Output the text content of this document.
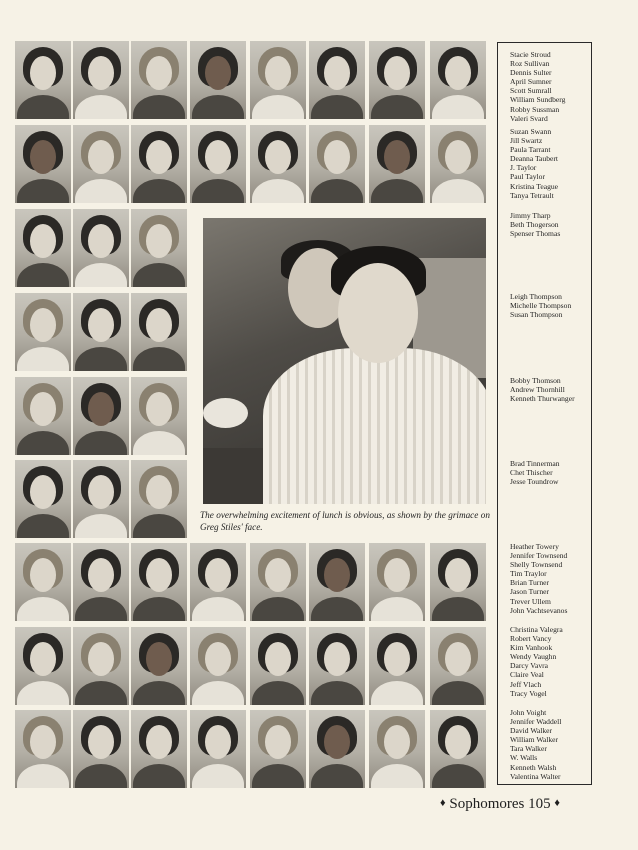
The overwhelming excitement of lunch is obvious, as shown by the grimace on Greg Stiles' face.
Stacie Stroud
Roz Sullivan
Dennis Sulter
April Sumner
Scott Sumrall
William Sundberg
Robby Sussman
Valeri Svard
Suzan Swann
Jill Swartz
Paula Tarrant
Deanna Taubert
J. Taylor
Paul Taylor
Kristina Teague
Tanya Tetrault
Jimmy Tharp
Beth Thogerson
Spenser Thomas
Leigh Thompson
Michelle Thompson
Susan Thompson
Bobby Thomson
Andrew Thornhill
Kenneth Thurwanger
Brad Tinnerman
Chet Thischer
Jesse Toundrow
Heather Towery
Jennifer Townsend
Shelly Townsend
Tim Traylor
Brian Turner
Jason Turner
Trever Ullem
John Vachtsevanos
Christina Valegra
Robert Vancy
Kim Vanhook
Wendy Vaughn
Darcy Vavra
Claire Veal
Jeff Vlach
Tracy Vogel
John Voight
Jennifer Waddell
David Walker
William Walker
Tara Walker
W. Walls
Kenneth Walsh
Valentina Walter
♦ Sophomores 105 ♦
